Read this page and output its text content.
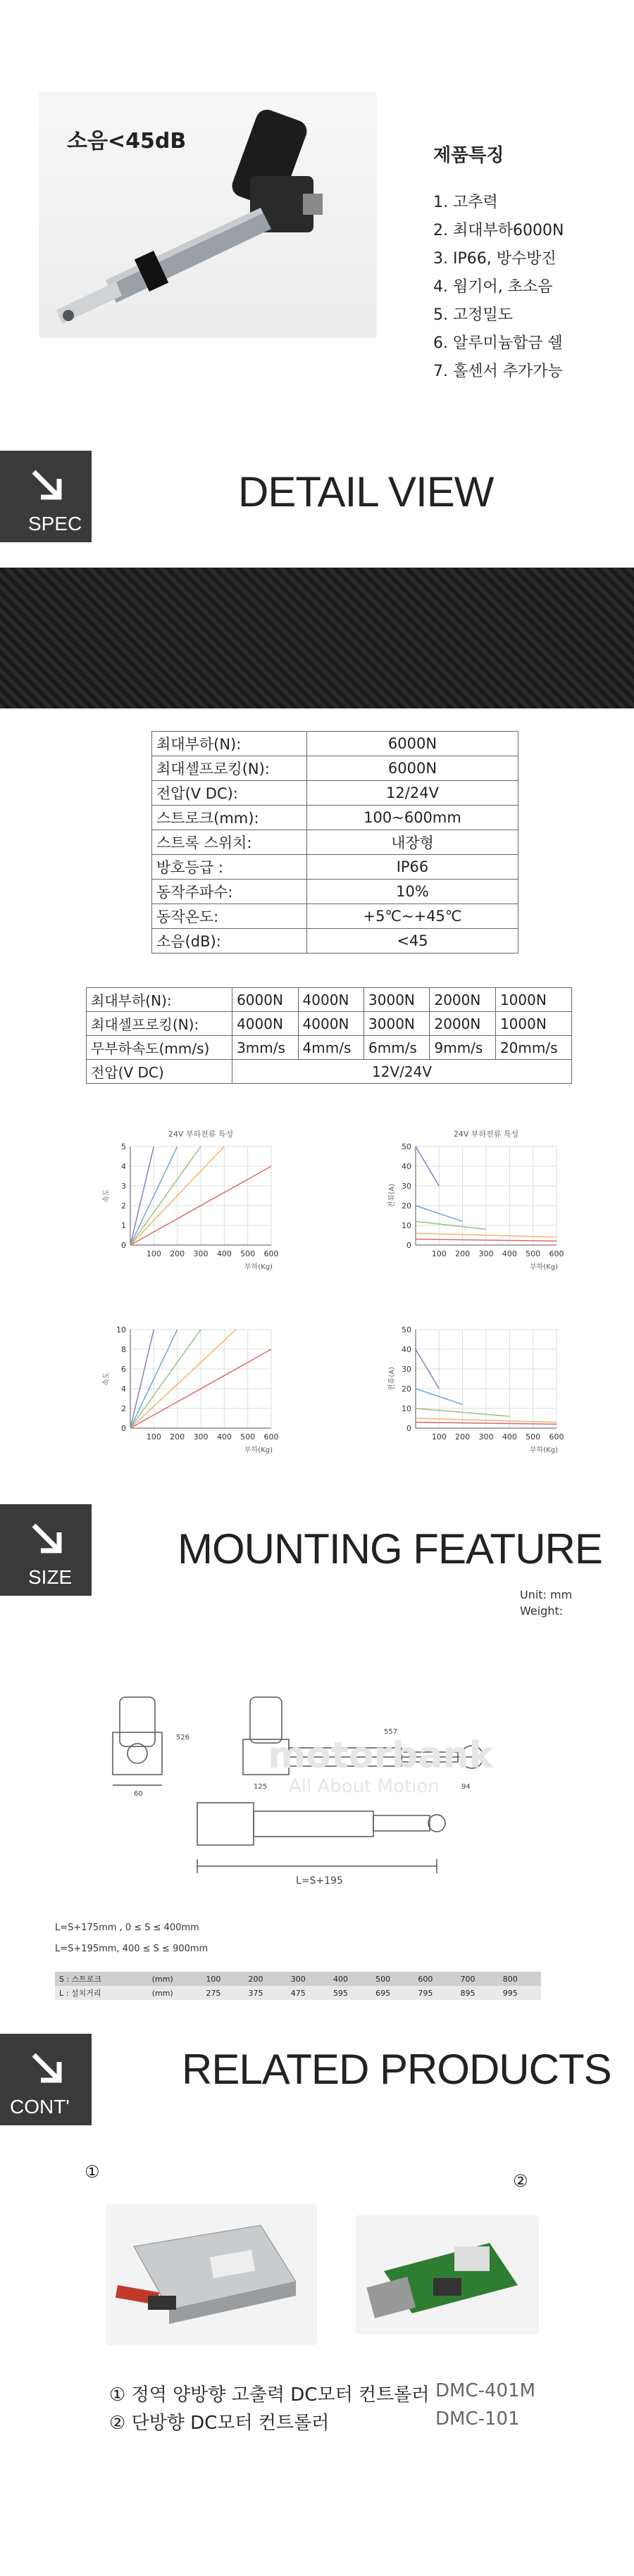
소음<45dB
제품특징
1. 고추력
2. 최대부하6000N
3. IP66, 방수방진
4. 웜기어, 초소음
5. 고정밀도
6. 알루미늄합금 쉘
7. 홀센서 추가가능
SPEC
DETAIL VIEW
최대부하(N):	6000N
최대셀프로킹(N):	6000N
전압(V DC):	12/24V
스트로크(mm):	100~600mm
스트록 스위치:	내장형
방호등급 :	IP66
동작주파수:	10%
동작온도:	+5℃~+45℃
소음(dB):	<45
최대부하(N):	6000N	4000N	3000N	2000N	1000N
최대셀프로킹(N):	4000N	4000N	3000N	2000N	1000N
무부하속도(mm/s)	3mm/s	4mm/s	6mm/s	9mm/s	20mm/s
전압(V DC)	12V/24V				
24V 부하전류 특성
0
1
2
3
4
5
100 200 300 400 500 600
부하(Kg)
속도
24V 부하전류 특성
0
10
20
30
40
50
100 200 300 400 500 600
부하(Kg)
전류(A)
0
2
4
6
8
10
100 200 300 400 500 600
부하(Kg)
속도
0
10
20
30
40
50
100 200 300 400 500 600
부하(Kg)
전류(A)
SIZE
MOUNTING FEATURE
Unit: mm
Weight:
526
60
125
557
94
L=S+195
motorbank
All About Motion
L=S+175mm , 0 ≤ S ≤ 400mm
L=S+195mm, 400 ≤ S ≤ 900mm
S : 스트로크	(mm)	100	200	300	400	500	600	700	800
L : 설치거리	(mm)	275	375	475	595	695	795	895	995
CONT'
RELATED PRODUCTS
①	②
① 정역 양방향 고출력 DC모터 컨트롤러 DMC-401M
② 단방향 DC모터 컨트롤러	DMC-101
